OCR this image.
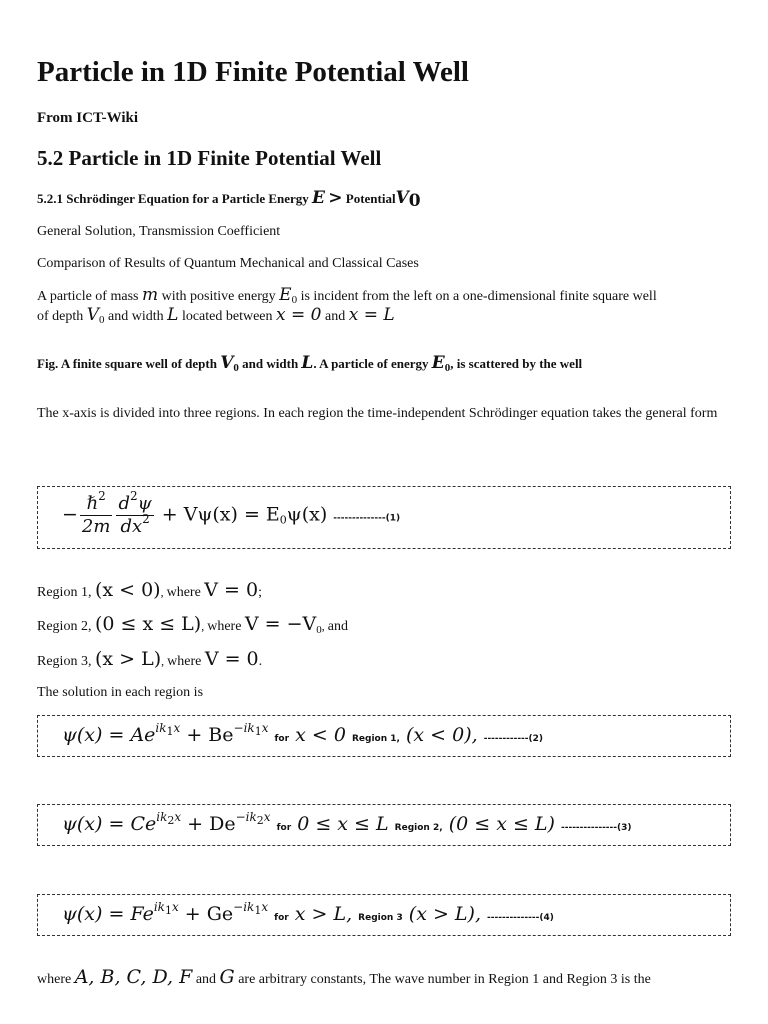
Particle in 1D Finite Potential Well
From ICT-Wiki
5.2 Particle in 1D Finite Potential Well
5.2.1 Schrödinger Equation for a Particle Energy E > PotentialV$_0$
General Solution, Transmission Coefficient
Comparison of Results of Quantum Mechanical and Classical Cases
A particle of mass m with positive energy $E_0$ is incident from the left on a one-dimensional finite square well
of depth $V_0$ and width L located between x = 0 and x = L
Fig. A finite square well of depth $V_0$ and width L. A particle of energy $E_0$, is scattered by the well
The x-axis is divided into three regions. In each region the time-independent Schrödinger equation takes the general form
− $\frac{\hbar^2}{2m} \frac{d^2\psi}{dx^2} + V\psi(x) = E_0\psi(x)$ --------------(1)
Region 1, (x < 0), where V = 0;
Region 2, (0 ≤ x ≤ L), where $V = -V_0$, and
Region 3, (x > L), where V = 0.
The solution in each region is
$\psi(x) = Ae^{ik_1x} + Be^{-ik_1x}$ for x < 0 Region 1, (x < 0), ------------(2)
$\psi(x) = Ce^{ik_2x} + De^{-ik_2x}$ for 0 ≤ x ≤ L Region 2, (0 ≤ x ≤ L) ---------------(3)
$\psi(x) = Fe^{ik_1x} + Ge^{-ik_1x}$ for x > L, Region 3 (x > L), --------------(4)
where A, B, C, D, F and G are arbitrary constants, The wave number in Region 1 and Region 3 is the
